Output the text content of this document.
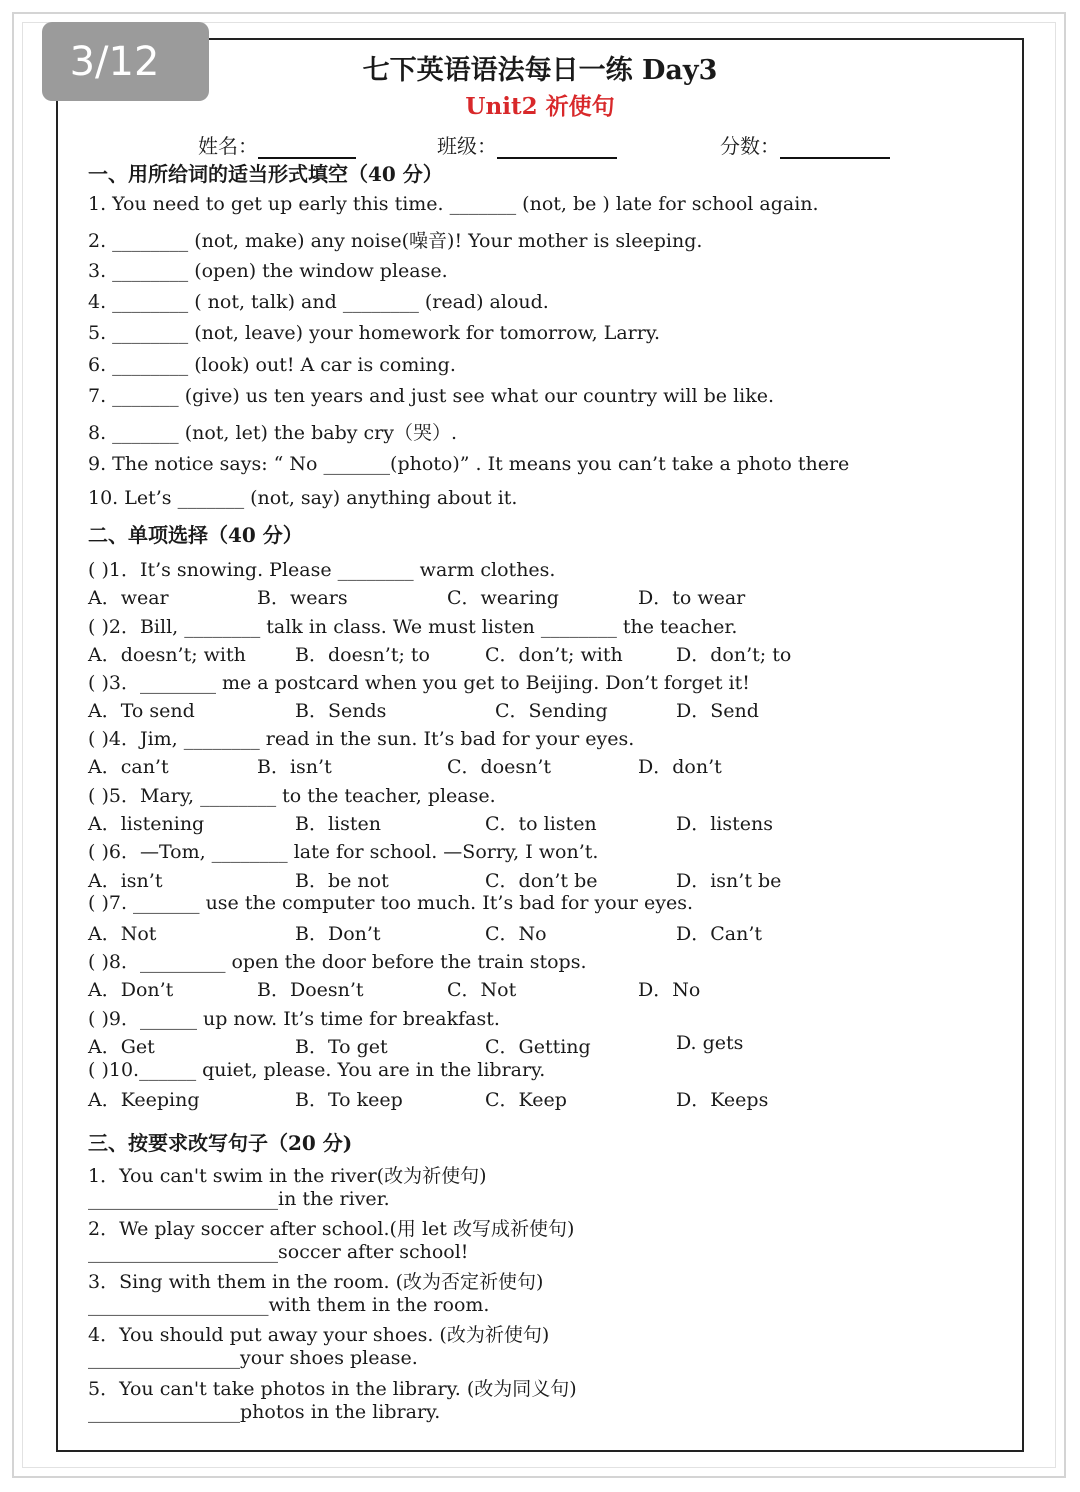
3/12	七下英语语法每日一练 Day3
Unit2 祈使句
姓名：	班级：	分数：
一、用所给词的适当形式填空（40 分）
1. You need to get up early this time. _______ (not, be ) late for school again.
2. ________ (not, make) any noise(噪音)! Your mother is sleeping.
3. ________ (open) the window please.
4. ________ ( not, talk) and ________ (read) aloud.
5. ________ (not, leave) your homework for tomorrow, Larry.
6. ________ (look) out! A car is coming.
7. _______ (give) us ten years and just see what our country will be like.
8. _______ (not, let) the baby cry（哭）.
9. The notice says: “ No _______(photo)” . It means you can’t take a photo there
10. Let’s _______ (not, say) anything about it.
二、单项选择（40 分）
( )1．It’s snowing. Please ________ warm clothes.
A．wear	B．wears	C．wearing	D．to wear
( )2．Bill, ________ talk in class. We must listen ________ the teacher.
A．doesn’t; with	B．doesn’t; to	C．don’t; with	D．don’t; to
( )3．________ me a postcard when you get to Beijing. Don’t forget it!
A．To send	B．Sends	C．Sending	D．Send
( )4．Jim, ________ read in the sun. It’s bad for your eyes.
A．can’t	B．isn’t	C．doesn’t	D．don’t
( )5．Mary, ________ to the teacher, please.
A．listening	B．listen	C．to listen	D．listens
( )6．—Tom, ________ late for school. —Sorry, I won’t.
A．isn’t	B．be not	C．don’t be	D．isn’t be
( )7. _______ use the computer too much. It’s bad for your eyes.
A．Not	B．Don’t	C．No	D．Can’t
( )8．_________ open the door before the train stops.
A．Don’t	B．Doesn’t	C．Not	D．No
( )9．______ up now. It’s time for breakfast.
A．Get	B．To get	C．Getting	D. gets
( )10.______ quiet, please. You are in the library.
A．Keeping	B．To keep	C．Keep	D．Keeps
三、按要求改写句子（20 分)
1．You can't swim in the river(改为祈使句)
____________________in the river.
2．We play soccer after school.(用 let 改写成祈使句)
____________________soccer after school!
3．Sing with them in the room. (改为否定祈使句)
___________________with them in the room.
4．You should put away your shoes. (改为祈使句)
________________your shoes please.
5．You can't take photos in the library. (改为同义句)
________________photos in the library.
